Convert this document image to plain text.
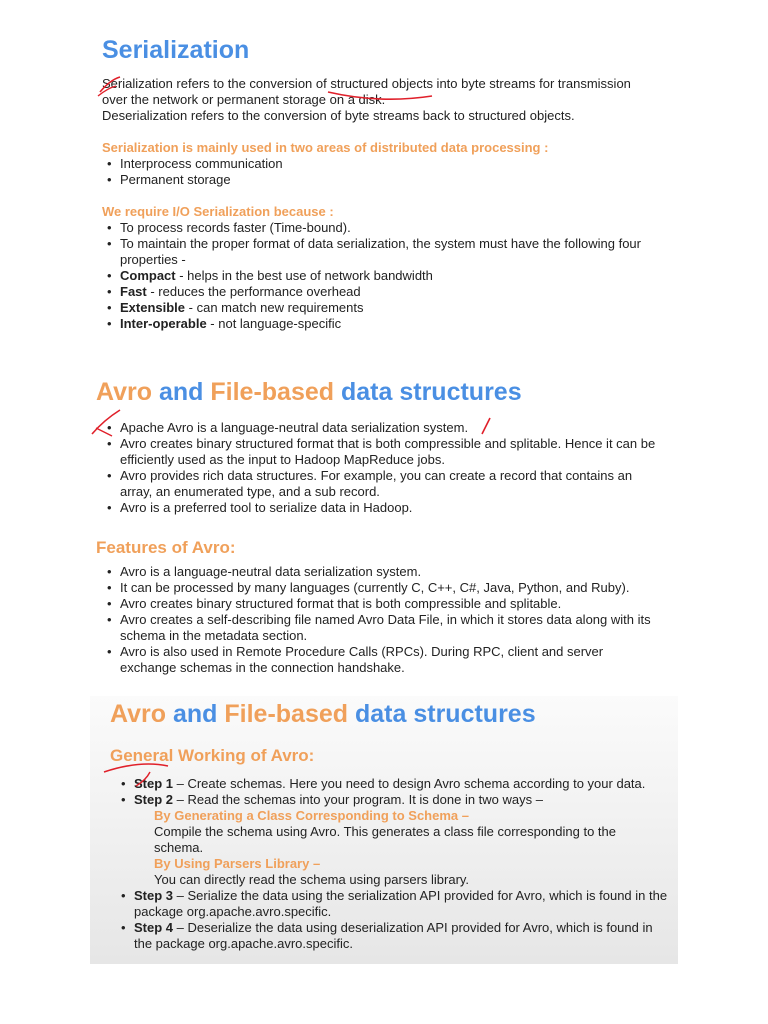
Serialization
Serialization refers to the conversion of structured objects into byte streams for transmission over the network or permanent storage on a disk.
Deserialization refers to the conversion of byte streams back to structured objects.
Serialization is mainly used in two areas of distributed data processing :
• Interprocess communication
• Permanent storage
We require I/O Serialization because :
• To process records faster (Time-bound).
• To maintain the proper format of data serialization, the system must have the following four properties -
• Compact - helps in the best use of network bandwidth
• Fast - reduces the performance overhead
• Extensible - can match new requirements
• Inter-operable - not language-specific
Avro and File-based data structures
• Apache Avro is a language-neutral data serialization system.
• Avro creates binary structured format that is both compressible and splitable. Hence it can be efficiently used as the input to Hadoop MapReduce jobs.
• Avro provides rich data structures. For example, you can create a record that contains an array, an enumerated type, and a sub record.
• Avro is a preferred tool to serialize data in Hadoop.
Features of Avro:
• Avro is a language-neutral data serialization system.
• It can be processed by many languages (currently C, C++, C#, Java, Python, and Ruby).
• Avro creates binary structured format that is both compressible and splitable.
• Avro creates a self-describing file named Avro Data File, in which it stores data along with its schema in the metadata section.
• Avro is also used in Remote Procedure Calls (RPCs). During RPC, client and server exchange schemas in the connection handshake.
Avro and File-based data structures
General Working of Avro:
• Step 1 – Create schemas. Here you need to design Avro schema according to your data.
• Step 2 – Read the schemas into your program. It is done in two ways –
By Generating a Class Corresponding to Schema –
Compile the schema using Avro. This generates a class file corresponding to the schema.
By Using Parsers Library –
You can directly read the schema using parsers library.
• Step 3 – Serialize the data using the serialization API provided for Avro, which is found in the package org.apache.avro.specific.
• Step 4 – Deserialize the data using deserialization API provided for Avro, which is found in the package org.apache.avro.specific.
